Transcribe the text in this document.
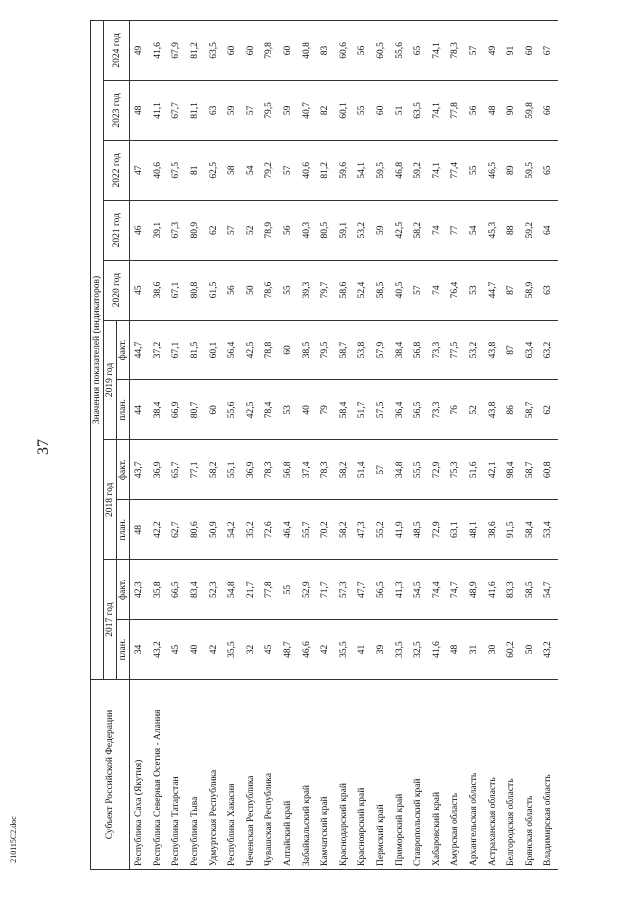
37
210115C2.doc
Субъект Российской Федерации	Значения показателей (индикаторов)										
	2017 год		2018 год		2019 год		2020 год	2021 год	2022 год	2023 год	2024 год
	план.	факт.	план.	факт.	план.	факт.					
Республика Саха (Якутия)	34	42,3	48	43,7	44	44,7	45	46	47	48	49
Республика Северная Осетия - Алания	43,2	35,8	42,2	36,9	38,4	37,2	38,6	39,1	40,6	41,1	41,6
Республика Татарстан	45	66,5	62,7	65,7	66,9	67,1	67,1	67,3	67,5	67,7	67,9
Республика Тыва	40	83,4	80,6	77,1	80,7	81,5	80,8	80,9	81	81,1	81,2
Удмуртская Республика	42	52,3	50,9	58,2	60	60,1	61,5	62	62,5	63	63,5
Республика Хакасия	35,5	54,8	54,2	55,1	55,6	56,4	56	57	58	59	60
Чеченская Республика	32	21,7	35,2	36,9	42,5	42,5	50	52	54	57	60
Чувашская Республика	45	77,8	72,6	78,3	78,4	78,8	78,6	78,9	79,2	79,5	79,8
Алтайский край	48,7	55	46,4	56,8	53	60	55	56	57	59	60
Забайкальский край	46,6	52,9	55,7	37,4	40	38,5	39,3	40,3	40,6	40,7	40,8
Камчатский край	42	71,7	70,2	78,3	79	79,5	79,7	80,5	81,2	82	83
Краснодарский край	35,5	57,3	58,2	58,2	58,4	58,7	58,6	59,1	59,6	60,1	60,6
Красноярский край	41	47,7	47,3	51,4	51,7	53,8	52,4	53,2	54,1	55	56
Пермский край	39	56,5	55,2	57	57,5	57,9	58,5	59	59,5	60	60,5
Приморский край	33,5	41,3	41,9	34,8	36,4	38,4	40,5	42,5	46,8	51	55,6
Ставропольский край	32,5	54,5	48,5	55,5	56,5	56,8	57	58,2	59,2	63,5	65
Хабаровский край	41,6	74,4	72,9	72,9	73,3	73,3	74	74	74,1	74,1	74,1
Амурская область	48	74,7	63,1	75,3	76	77,5	76,4	77	77,4	77,8	78,3
Архангельская область	31	48,9	48,1	51,6	52	53,2	53	54	55	56	57
Астраханская область	30	41,6	38,6	42,1	43,8	43,8	44,7	45,3	46,5	48	49
Белгородская область	60,2	83,3	91,5	98,4	86	87	87	88	89	90	91
Брянская область	50	58,5	58,4	58,7	58,7	63,4	58,9	59,2	59,5	59,8	60
Владимирская область	43,2	54,7	53,4	60,8	62	63,2	63	64	65	66	67
